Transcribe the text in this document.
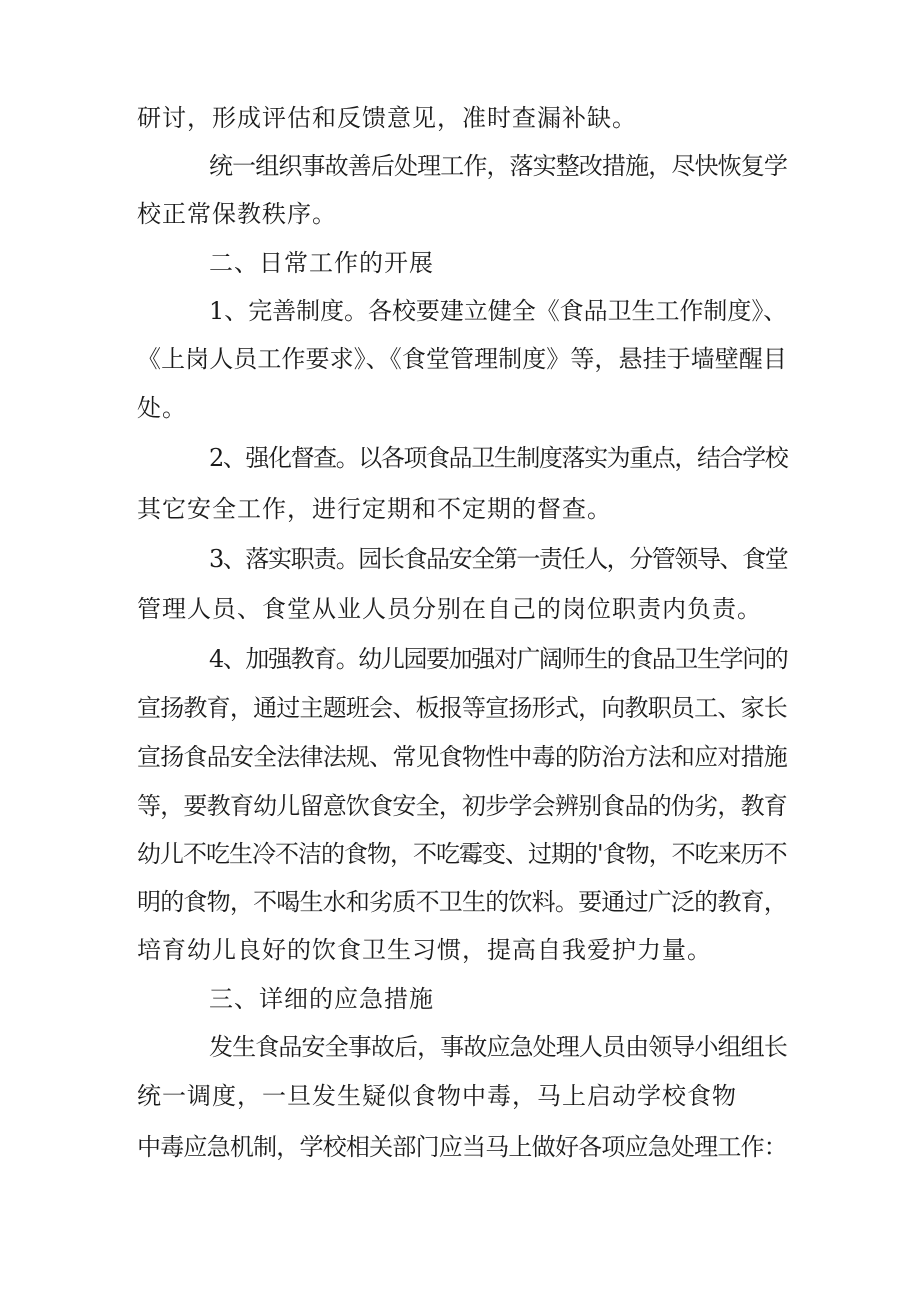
研讨，形成评估和反馈意见，准时查漏补缺。
统一组织事故善后处理工作，落实整改措施，尽快恢复学
校正常保教秩序。
二、日常工作的开展
1、完善制度。各校要建立健全《食品卫生工作制度》、
《上岗人员工作要求》、《食堂管理制度》等，悬挂于墙壁醒目
处。
2、强化督查。以各项食品卫生制度落实为重点，结合学校
其它安全工作，进行定期和不定期的督查。
3、落实职责。园长食品安全第一责任人，分管领导、食堂
管理人员、食堂从业人员分别在自己的岗位职责内负责。
4、加强教育。幼儿园要加强对广阔师生的食品卫生学问的
宣扬教育，通过主题班会、板报等宣扬形式，向教职员工、家长
宣扬食品安全法律法规、常见食物性中毒的防治方法和应对措施
等，要教育幼儿留意饮食安全，初步学会辨别食品的伪劣，教育
幼儿不吃生冷不洁的食物，不吃霉变、过期的'食物，不吃来历不
明的食物，不喝生水和劣质不卫生的饮料。要通过广泛的教育，
培育幼儿良好的饮食卫生习惯，提高自我爱护力量。
三、详细的应急措施
发生食品安全事故后，事故应急处理人员由领导小组组长
统一调度，一旦发生疑似食物中毒，马上启动学校食物
中毒应急机制，学校相关部门应当马上做好各项应急处理工作：
